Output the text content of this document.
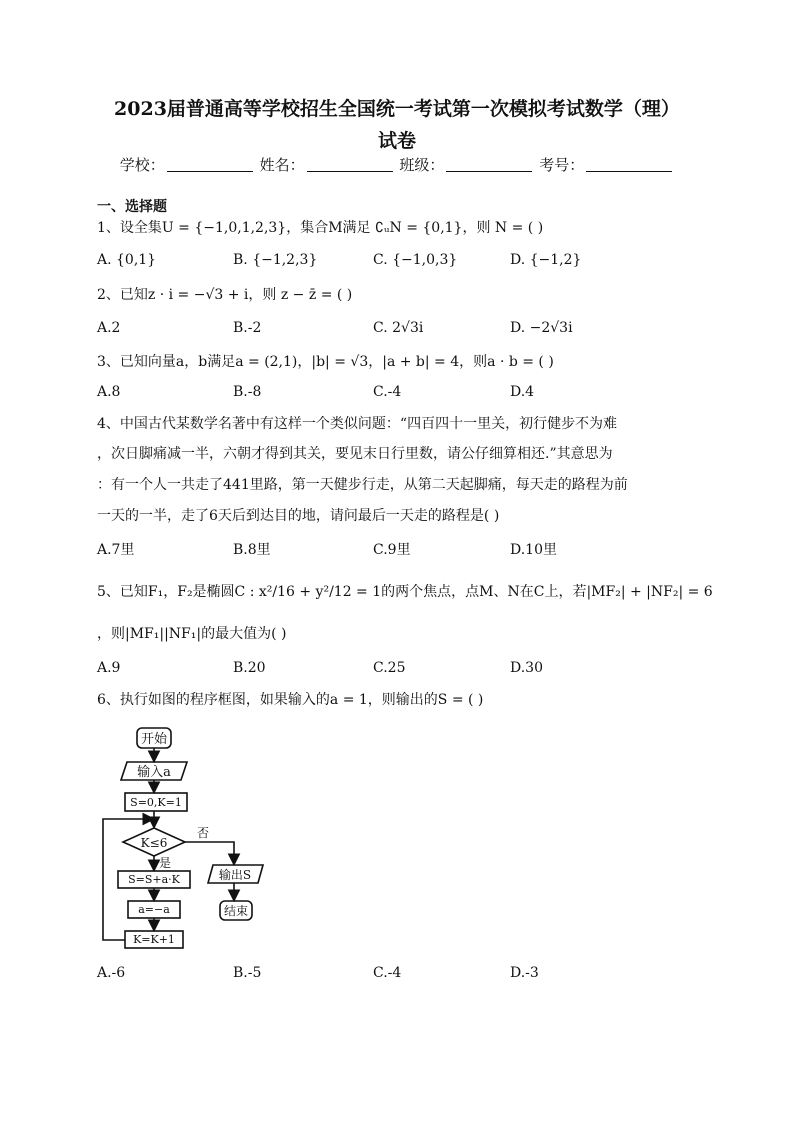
2023届普通高等学校招生全国统一考试第一次模拟考试数学（理）
试卷
学校：	姓名：	班级：	考号：
一、选择题
1、设全集U = {−1,0,1,2,3}，集合M满足 ∁ᵤN = {0,1}，则 N = ( )
A. {0,1}	B. {−1,2,3}	C. {−1,0,3}	D. {−1,2}
2、已知z · i = −√3 + i，则 z − z̄ = ( )
A.2	B.-2	C. 2√3i	D. −2√3i
3、已知向量a，b满足a = (2,1)，|b| = √3，|a + b| = 4，则a · b = ( )
A.8	B.-8	C.-4	D.4
4、中国古代某数学名著中有这样一个类似问题：“四百四十一里关，初行健步不为难
，次日脚痛减一半，六朝才得到其关，要见末日行里数，请公仔细算相还.”其意思为
：有一个人一共走了441里路，第一天健步行走，从第二天起脚痛，每天走的路程为前
一天的一半，走了6天后到达目的地，请问最后一天走的路程是( )
A.7里	B.8里	C.9里	D.10里
5、已知F₁，F₂是椭圆C : x²/16 + y²/12 = 1的两个焦点，点M、N在C上，若|MF₂| + |NF₂| = 6
，则|MF₁||NF₁|的最大值为( )
A.9	B.20	C.25	D.30
6、执行如图的程序框图，如果输入的a = 1，则输出的S = ( )
开始
输入a
S=0,K=1
K≤6
否
是
S=S+a·K
a=−a
K=K+1
输出S
结束
A.-6	B.-5	C.-4	D.-3
